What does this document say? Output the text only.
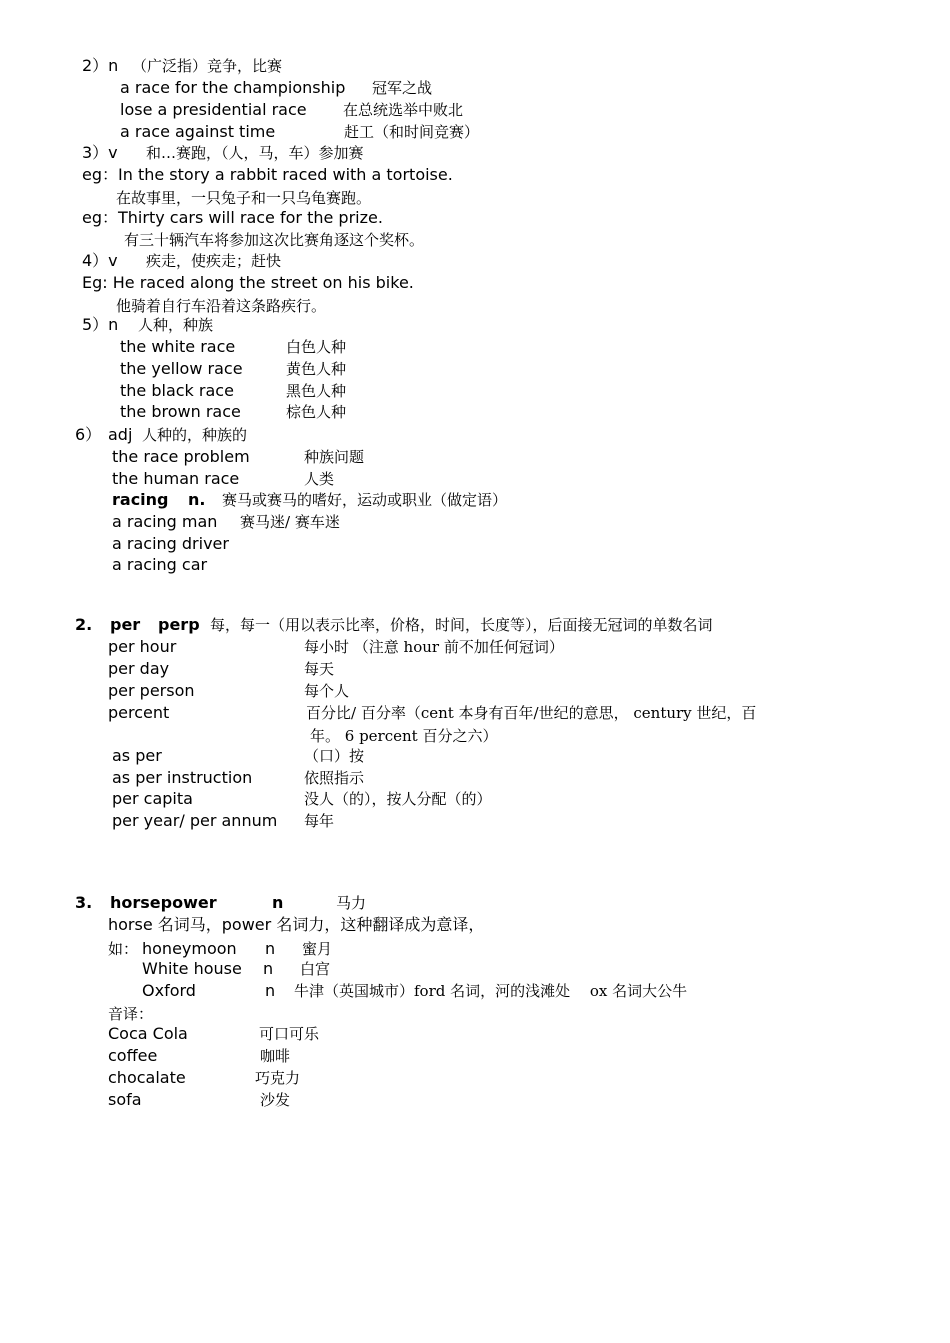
2）n （广泛指）竞争，比赛
a race for the championship 冠军之战
lose a presidential race 在总统选举中败北
a race against time	赶工（和时间竞赛）
3）v 和…赛跑，（人，马，车）参加赛
eg：In the story a rabbit raced with a tortoise.
在故事里，一只兔子和一只乌龟赛跑。
eg：Thirty cars will race for the prize.
有三十辆汽车将参加这次比赛角逐这个奖杯。
4）v 疾走，使疾走；赶快
Eg: He raced along the street on his bike.
他骑着自行车沿着这条路疾行。
5）n 人种，种族
the white race	白色人种
the yellow race	黄色人种
the black race	黑色人种
the brown race	棕色人种
6） adj 人种的，种族的
the race problem	种族问题
the human race	人类
racing n. 赛马或赛马的嗜好，运动或职业（做定语）
a racing man 赛马迷/ 赛车迷
a racing driver
a racing car
2. per perp 每，每一（用以表示比率，价格，时间，长度等），后面接无冠词的单数名词
per hour	每小时 （注意 hour 前不加任何冠词）
per day	每天
per person	每个人
percent	百分比/ 百分率（cent 本身有百年/世纪的意思， century 世纪，百
年。 6 percent 百分之六）
as per	（口）按
as per instruction	依照指示
per capita	没人（的），按人分配（的）
per year/ per annum 每年
3. horsepower	n	马力
horse 名词马，power 名词力，这种翻译成为意译，
如： honeymoon n 蜜月
White house n 白宫
Oxford	n 牛津（英国城市）ford 名词，河的浅滩处　 ox 名词大公牛
音译：
Coca Cola	可口可乐
coffee	咖啡
chocalate	巧克力
sofa	沙发
